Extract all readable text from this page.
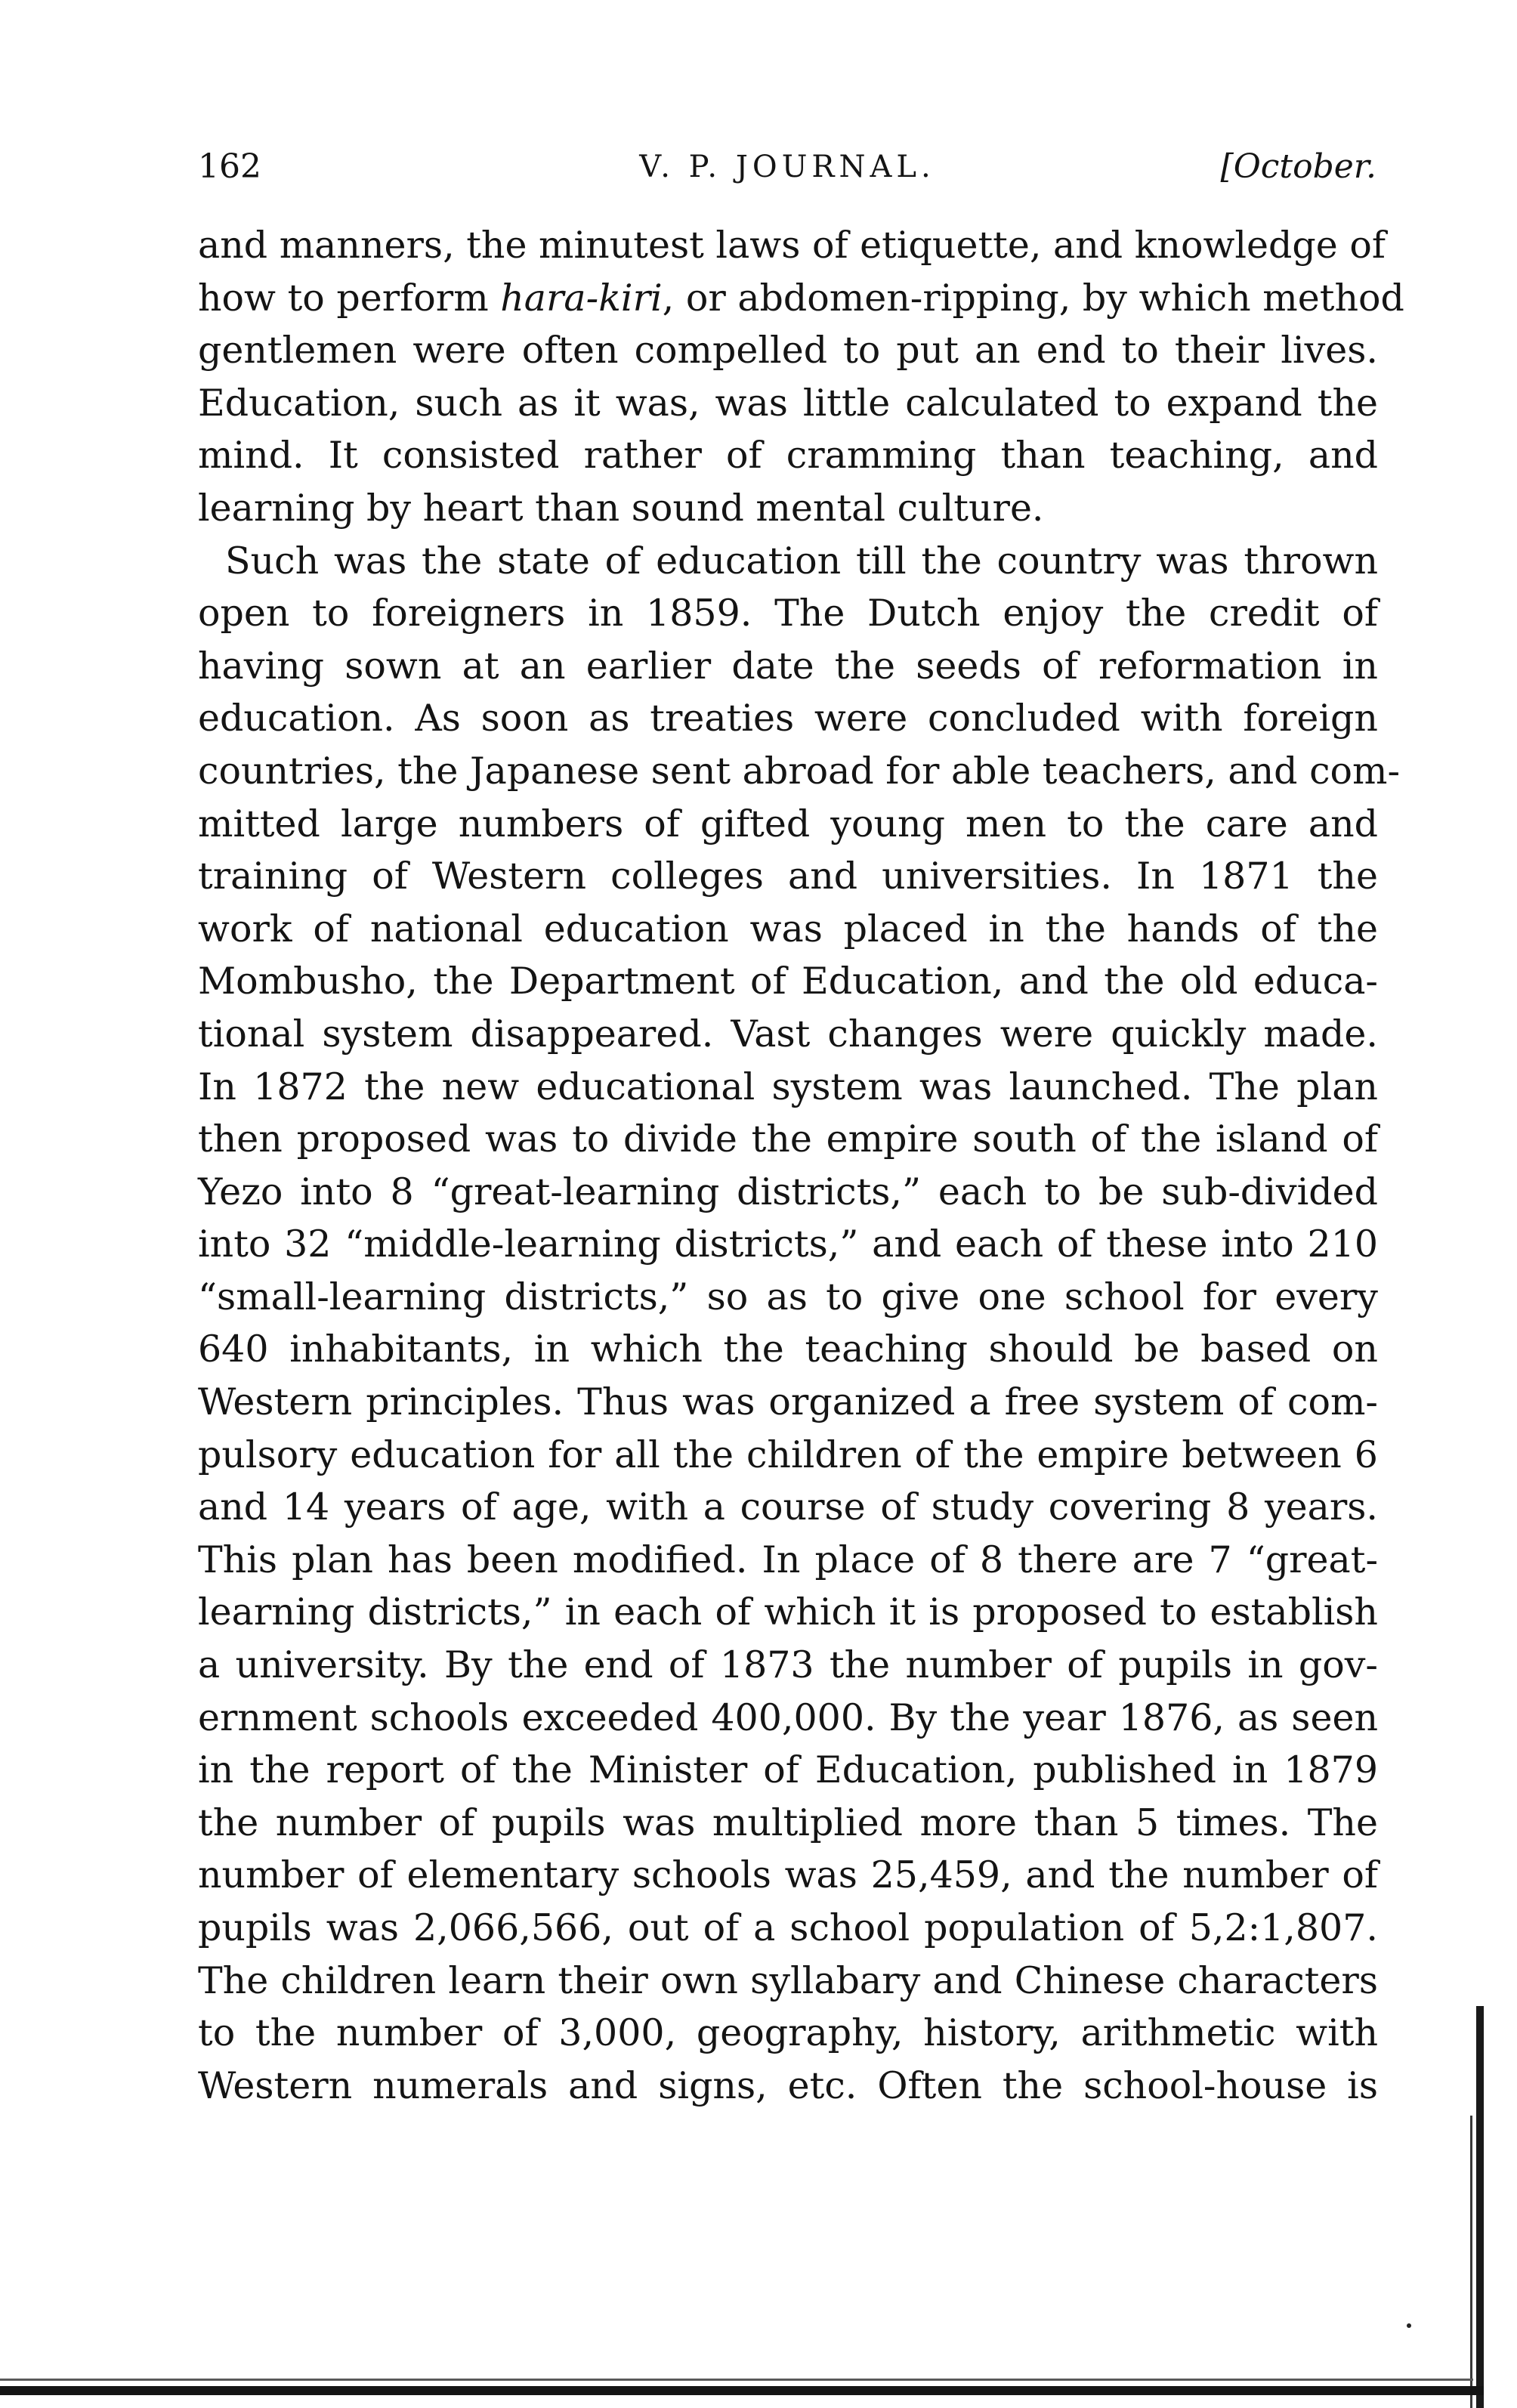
162	V. P. JOURNAL.	[October.
and manners, the minutest laws of etiquette, and knowledge of
how to perform hara-kiri, or abdomen-ripping, by which method
gentlemen were often compelled to put an end to their lives.
Education, such as it was, was little calculated to expand the
mind. It consisted rather of cramming than teaching, and
learning by heart than sound mental culture.
Such was the state of education till the country was thrown
open to foreigners in 1859. The Dutch enjoy the credit of
having sown at an earlier date the seeds of reformation in
education. As soon as treaties were concluded with foreign
countries, the Japanese sent abroad for able teachers, and com-
mitted large numbers of gifted young men to the care and
training of Western colleges and universities. In 1871 the
work of national education was placed in the hands of the
Mombusho, the Department of Education, and the old educa-
tional system disappeared. Vast changes were quickly made.
In 1872 the new educational system was launched. The plan
then proposed was to divide the empire south of the island of
Yezo into 8 “great-learning districts,” each to be sub-divided
into 32 “middle-learning districts,” and each of these into 210
“small-learning districts,” so as to give one school for every
640 inhabitants, in which the teaching should be based on
Western principles. Thus was organized a free system of com-
pulsory education for all the children of the empire between 6
and 14 years of age, with a course of study covering 8 years.
This plan has been modified. In place of 8 there are 7 “great-
learning districts,” in each of which it is proposed to establish
a university. By the end of 1873 the number of pupils in gov-
ernment schools exceeded 400,000. By the year 1876, as seen
in the report of the Minister of Education, published in 1879
the number of pupils was multiplied more than 5 times. The
number of elementary schools was 25,459, and the number of
pupils was 2,066,566, out of a school population of 5,2:1,807.
The children learn their own syllabary and Chinese characters
to the number of 3,000, geography, history, arithmetic with
Western numerals and signs, etc. Often the school-house is
